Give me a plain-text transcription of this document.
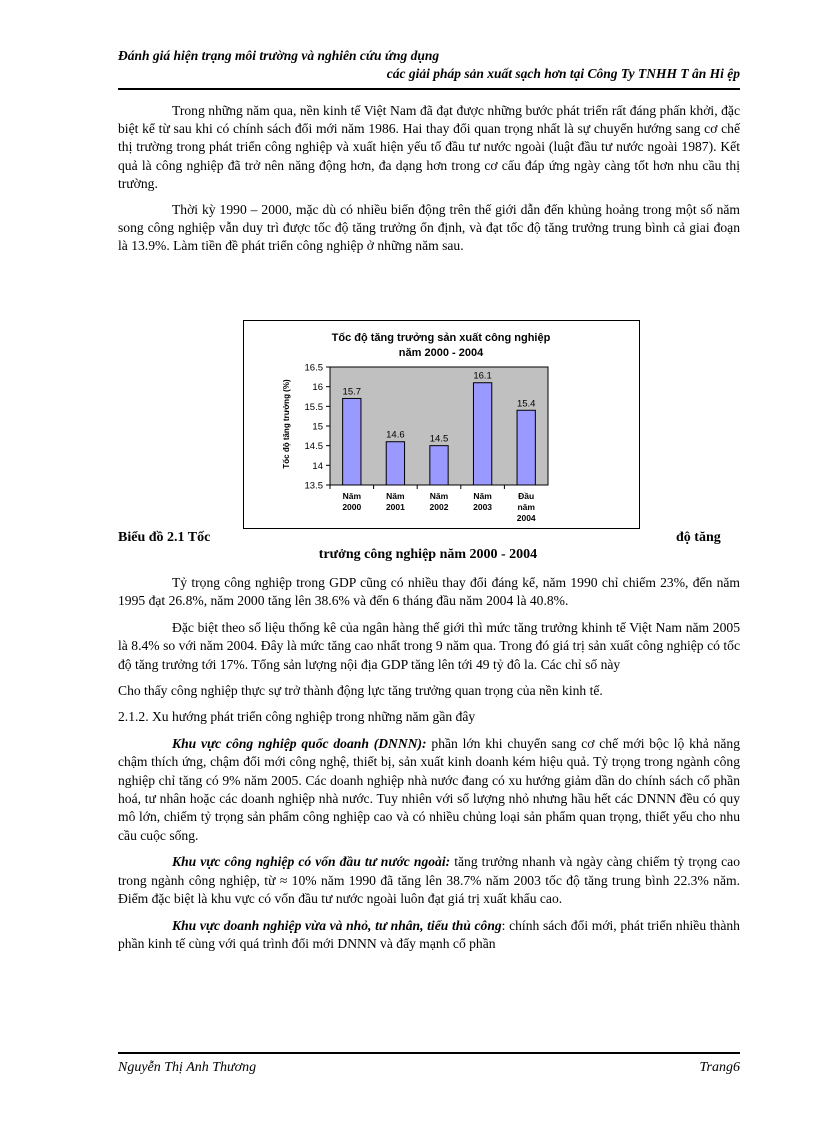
Đánh giá hiện trạng môi trường và nghiên cứu ứng dụng
các giải pháp sản xuất sạch hơn tại Công Ty TNHH T ân Hi ệp

Trong những năm qua, nền kinh tế Việt Nam đã đạt được những bước phát triển rất đáng phấn khởi, đặc biệt kể từ sau khi có chính sách đổi mới năm 1986. Hai thay đổi quan trọng nhất là sự chuyển hướng sang cơ chế thị trường trong phát triển công nghiệp và xuất hiện yếu tố đầu tư nước ngoài (luật đầu tư nước ngoài 1987). Kết quả là công nghiệp đã trở nên năng động hơn, đa dạng hơn trong cơ cấu đáp ứng ngày càng tốt hơn nhu cầu thị trường.

Thời kỳ 1990 – 2000, mặc dù có nhiều biến động trên thế giới dẫn đến khủng hoảng trong một số năm song công nghiệp vẫn duy trì được tốc độ tăng trưởng ổn định, và đạt tốc độ tăng trưởng trung bình cả giai đoạn là 13.9%. Làm tiền đề phát triển công nghiệp ở những năm sau.

Tốc độ tăng trưởng sản xuất công nghiệp
năm 2000 - 2004
Tốc độ tăng trưởng (%)
13.5
14
14.5
15
15.5
16
16.5
15.7
Năm
2000
14.6
Năm
2001
14.5
Năm
2002
16.1
Năm
2003
15.4
Đầu
năm
2004
Biểu đồ 2.1 Tốc	độ tăng
trưởng công nghiệp năm 2000 - 2004

Tỷ trọng công nghiệp trong GDP cũng có nhiều thay đổi đáng kể, năm 1990 chỉ chiếm 23%, đến năm 1995 đạt 26.8%, năm 2000 tăng lên 38.6% và đến 6 tháng đầu năm 2004 là 40.8%.

Đặc biệt theo số liệu thống kê của ngân hàng thế giới thì mức tăng trưởng khinh tế Việt Nam năm 2005 là 8.4% so với năm 2004. Đây là mức tăng cao nhất trong 9 năm qua. Trong đó giá trị sản xuất công nghiệp có tốc độ tăng trưởng tới 17%. Tổng sản lượng nội địa GDP tăng lên tới 49 tỷ đô la. Các chỉ số này

Cho thấy công nghiệp thực sự trở thành động lực tăng trưởng quan trọng của nền kinh tế.

2.1.2. Xu hướng phát triển công nghiệp trong những năm gần đây

Khu vực công nghiệp quốc doanh (DNNN): phần lớn khi chuyển sang cơ chế mới bộc lộ khả năng chậm thích ứng, chậm đổi mới công nghệ, thiết bị, sản xuất kinh doanh kém hiệu quả. Tỷ trọng trong ngành công nghiệp chỉ tăng có 9% năm 2005. Các doanh nghiệp nhà nước đang có xu hướng giảm dần do chính sách cổ phần hoá, tư nhân hoặc các doanh nghiệp nhà nước. Tuy nhiên với số lượng nhỏ nhưng hầu hết các DNNN đều có quy mô lớn, chiếm tỷ trọng sản phẩm công nghiệp cao và có nhiều chủng loại sản phẩm quan trọng, thiết yếu cho nhu cầu cuộc sống.

Khu vực công nghiệp có vốn đầu tư nước ngoài: tăng trưởng nhanh và ngày càng chiếm tỷ trọng cao trong ngành công nghiệp, từ ≈ 10% năm 1990 đã tăng lên 38.7% năm 2003 tốc độ tăng trung bình 22.3% năm. Điểm đặc biệt là khu vực có vốn đầu tư nước ngoài luôn đạt giá trị xuất khẩu cao.

Khu vực doanh nghiệp vừa và nhỏ, tư nhân, tiểu thủ công: chính sách đổi mới, phát triển nhiều thành phần kinh tế cùng với quá trình đổi mới DNNN và đẩy mạnh cổ phần

Nguyễn Thị Anh Thương	Trang6
